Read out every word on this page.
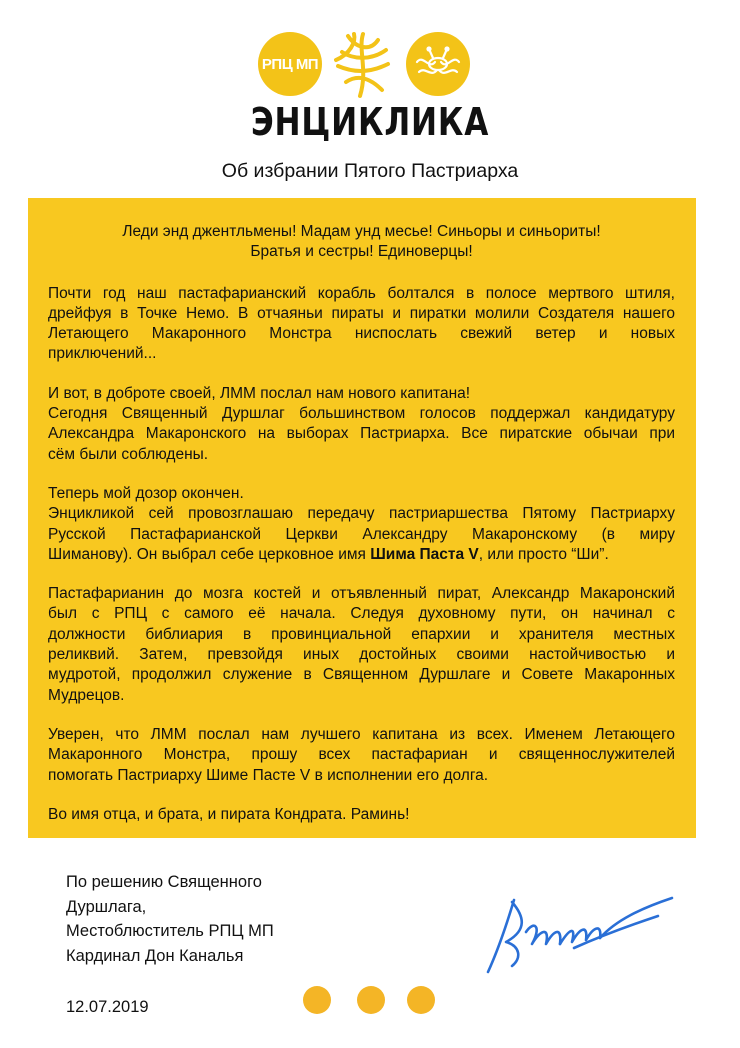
РПЦ МП
ЭНЦИКЛИКА
Об избрании Пятого Пастриарха
Леди энд джентльмены! Мадам унд месье! Синьоры и синьориты!
Братья и сестры! Единоверцы!
Почти год наш пастафарианский корабль болтался в полосе мертвого штиля,
дрейфуя в Точке Немо. В отчаяньи пираты и пиратки молили Создателя нашего
Летающего Макаронного Монстра ниспослать свежий ветер и новых
приключений...
И вот, в доброте своей, ЛММ послал нам нового капитана!
Сегодня Священный Дуршлаг большинством голосов поддержал кандидатуру
Александра Макаронского на выборах Пастриарха. Все пиратские обычаи при
сём были соблюдены.
Теперь мой дозор окончен.
Энцикликой сей провозглашаю передачу пастриаршества Пятому Пастриарху
Русской Пастафарианской Церкви Александру Макаронскому (в миру
Шиманову). Он выбрал себе церковное имя Шима Паста V, или просто “Ши”.
Пастафарианин до мозга костей и отъявленный пират, Александр Макаронский
был с РПЦ с самого её начала. Следуя духовному пути, он начинал с
должности библиария в провинциальной епархии и хранителя местных
реликвий. Затем, превзойдя иных достойных своими настойчивостью и
мудротой, продолжил служение в Священном Дуршлаге и Совете Макаронных
Мудрецов.
Уверен, что ЛММ послал нам лучшего капитана из всех. Именем Летающего
Макаронного Монстра, прошу всех пастафариан и священнослужителей
помогать Пастриарху Шиме Пасте V в исполнении его долга.
Во имя отца, и брата, и пирата Кондрата. Раминь!
По решению Священного
Дуршлага,
Местоблюститель РПЦ МП
Кардинал Дон Каналья
12.07.2019
